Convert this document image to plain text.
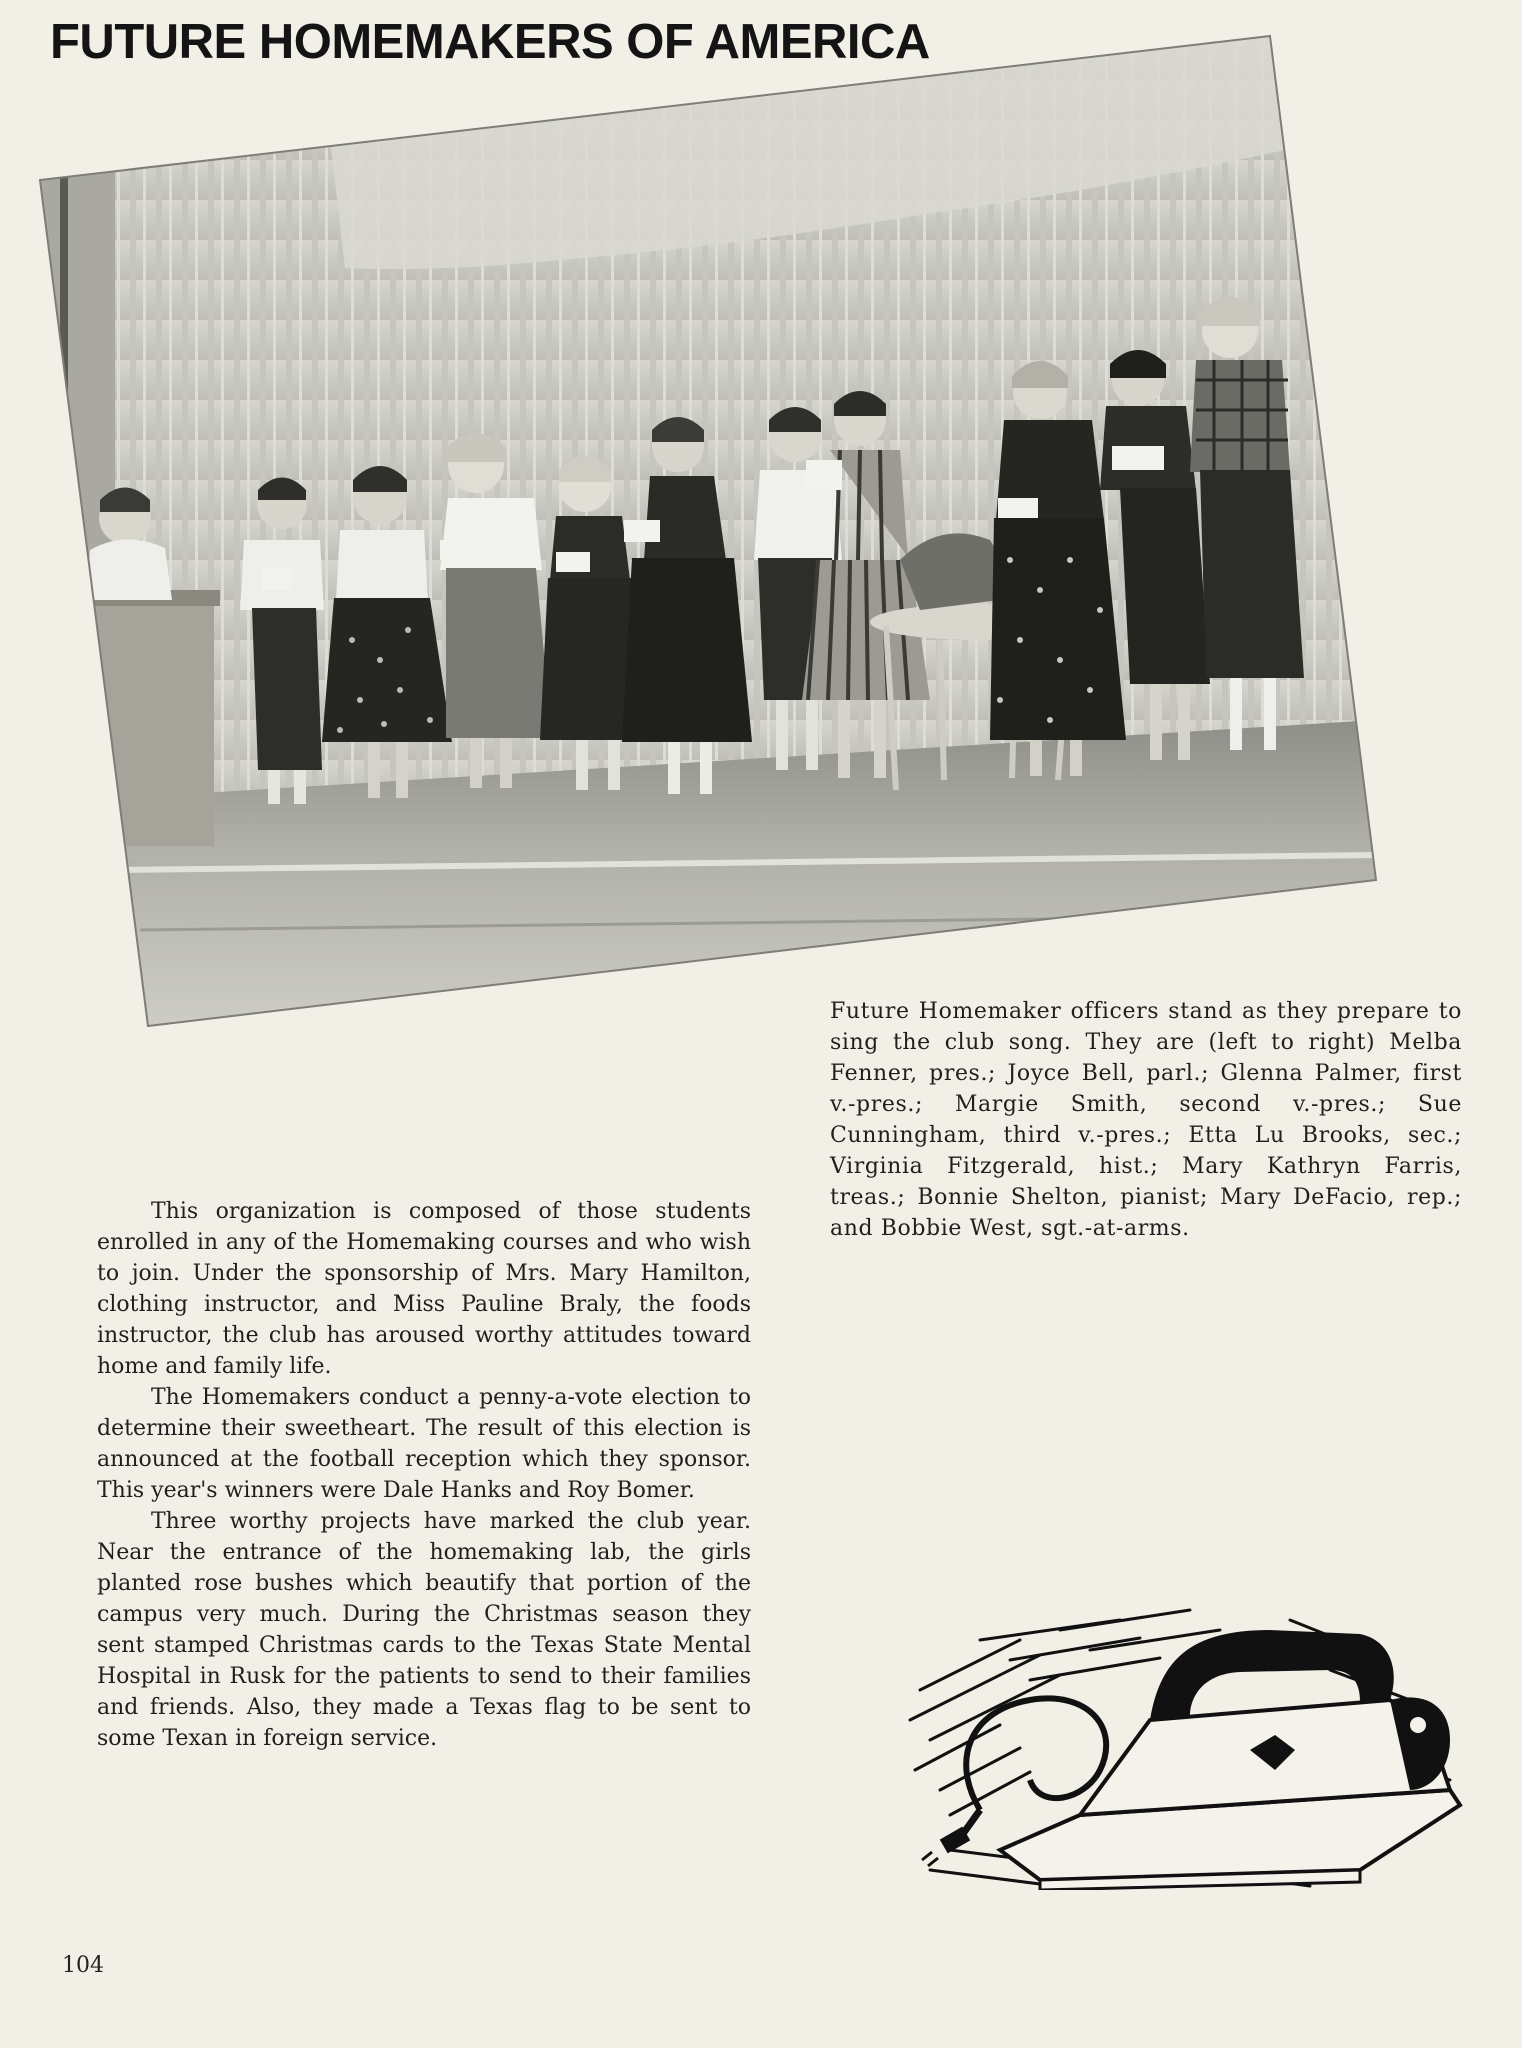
FUTURE HOMEMAKERS OF AMERICA
Future Homemaker officers stand as they prepare to sing the club song. They are (left to right) Melba Fenner, pres.; Joyce Bell, parl.; Glenna Palmer, first v.-pres.; Margie Smith, second v.-pres.; Sue Cunningham, third v.-pres.; Etta Lu Brooks, sec.; Virginia Fitzgerald, hist.; Mary Kathryn Farris, treas.; Bonnie Shelton, pianist; Mary DeFacio, rep.; and Bobbie West, sgt.-at-arms.

This organization is composed of those students enrolled in any of the Homemaking courses and who wish to join. Under the sponsorship of Mrs. Mary Hamilton, clothing instructor, and Miss Pauline Braly, the foods instructor, the club has aroused worthy attitudes toward home and family life.

The Homemakers conduct a penny-a-vote election to determine their sweetheart. The result of this election is announced at the football reception which they sponsor. This year's winners were Dale Hanks and Roy Bomer.

Three worthy projects have marked the club year. Near the entrance of the homemaking lab, the girls planted rose bushes which beautify that portion of the campus very much. During the Christmas season they sent stamped Christmas cards to the Texas State Mental Hospital in Rusk for the patients to send to their families and friends. Also, they made a Texas flag to be sent to some Texan in foreign service.

104
